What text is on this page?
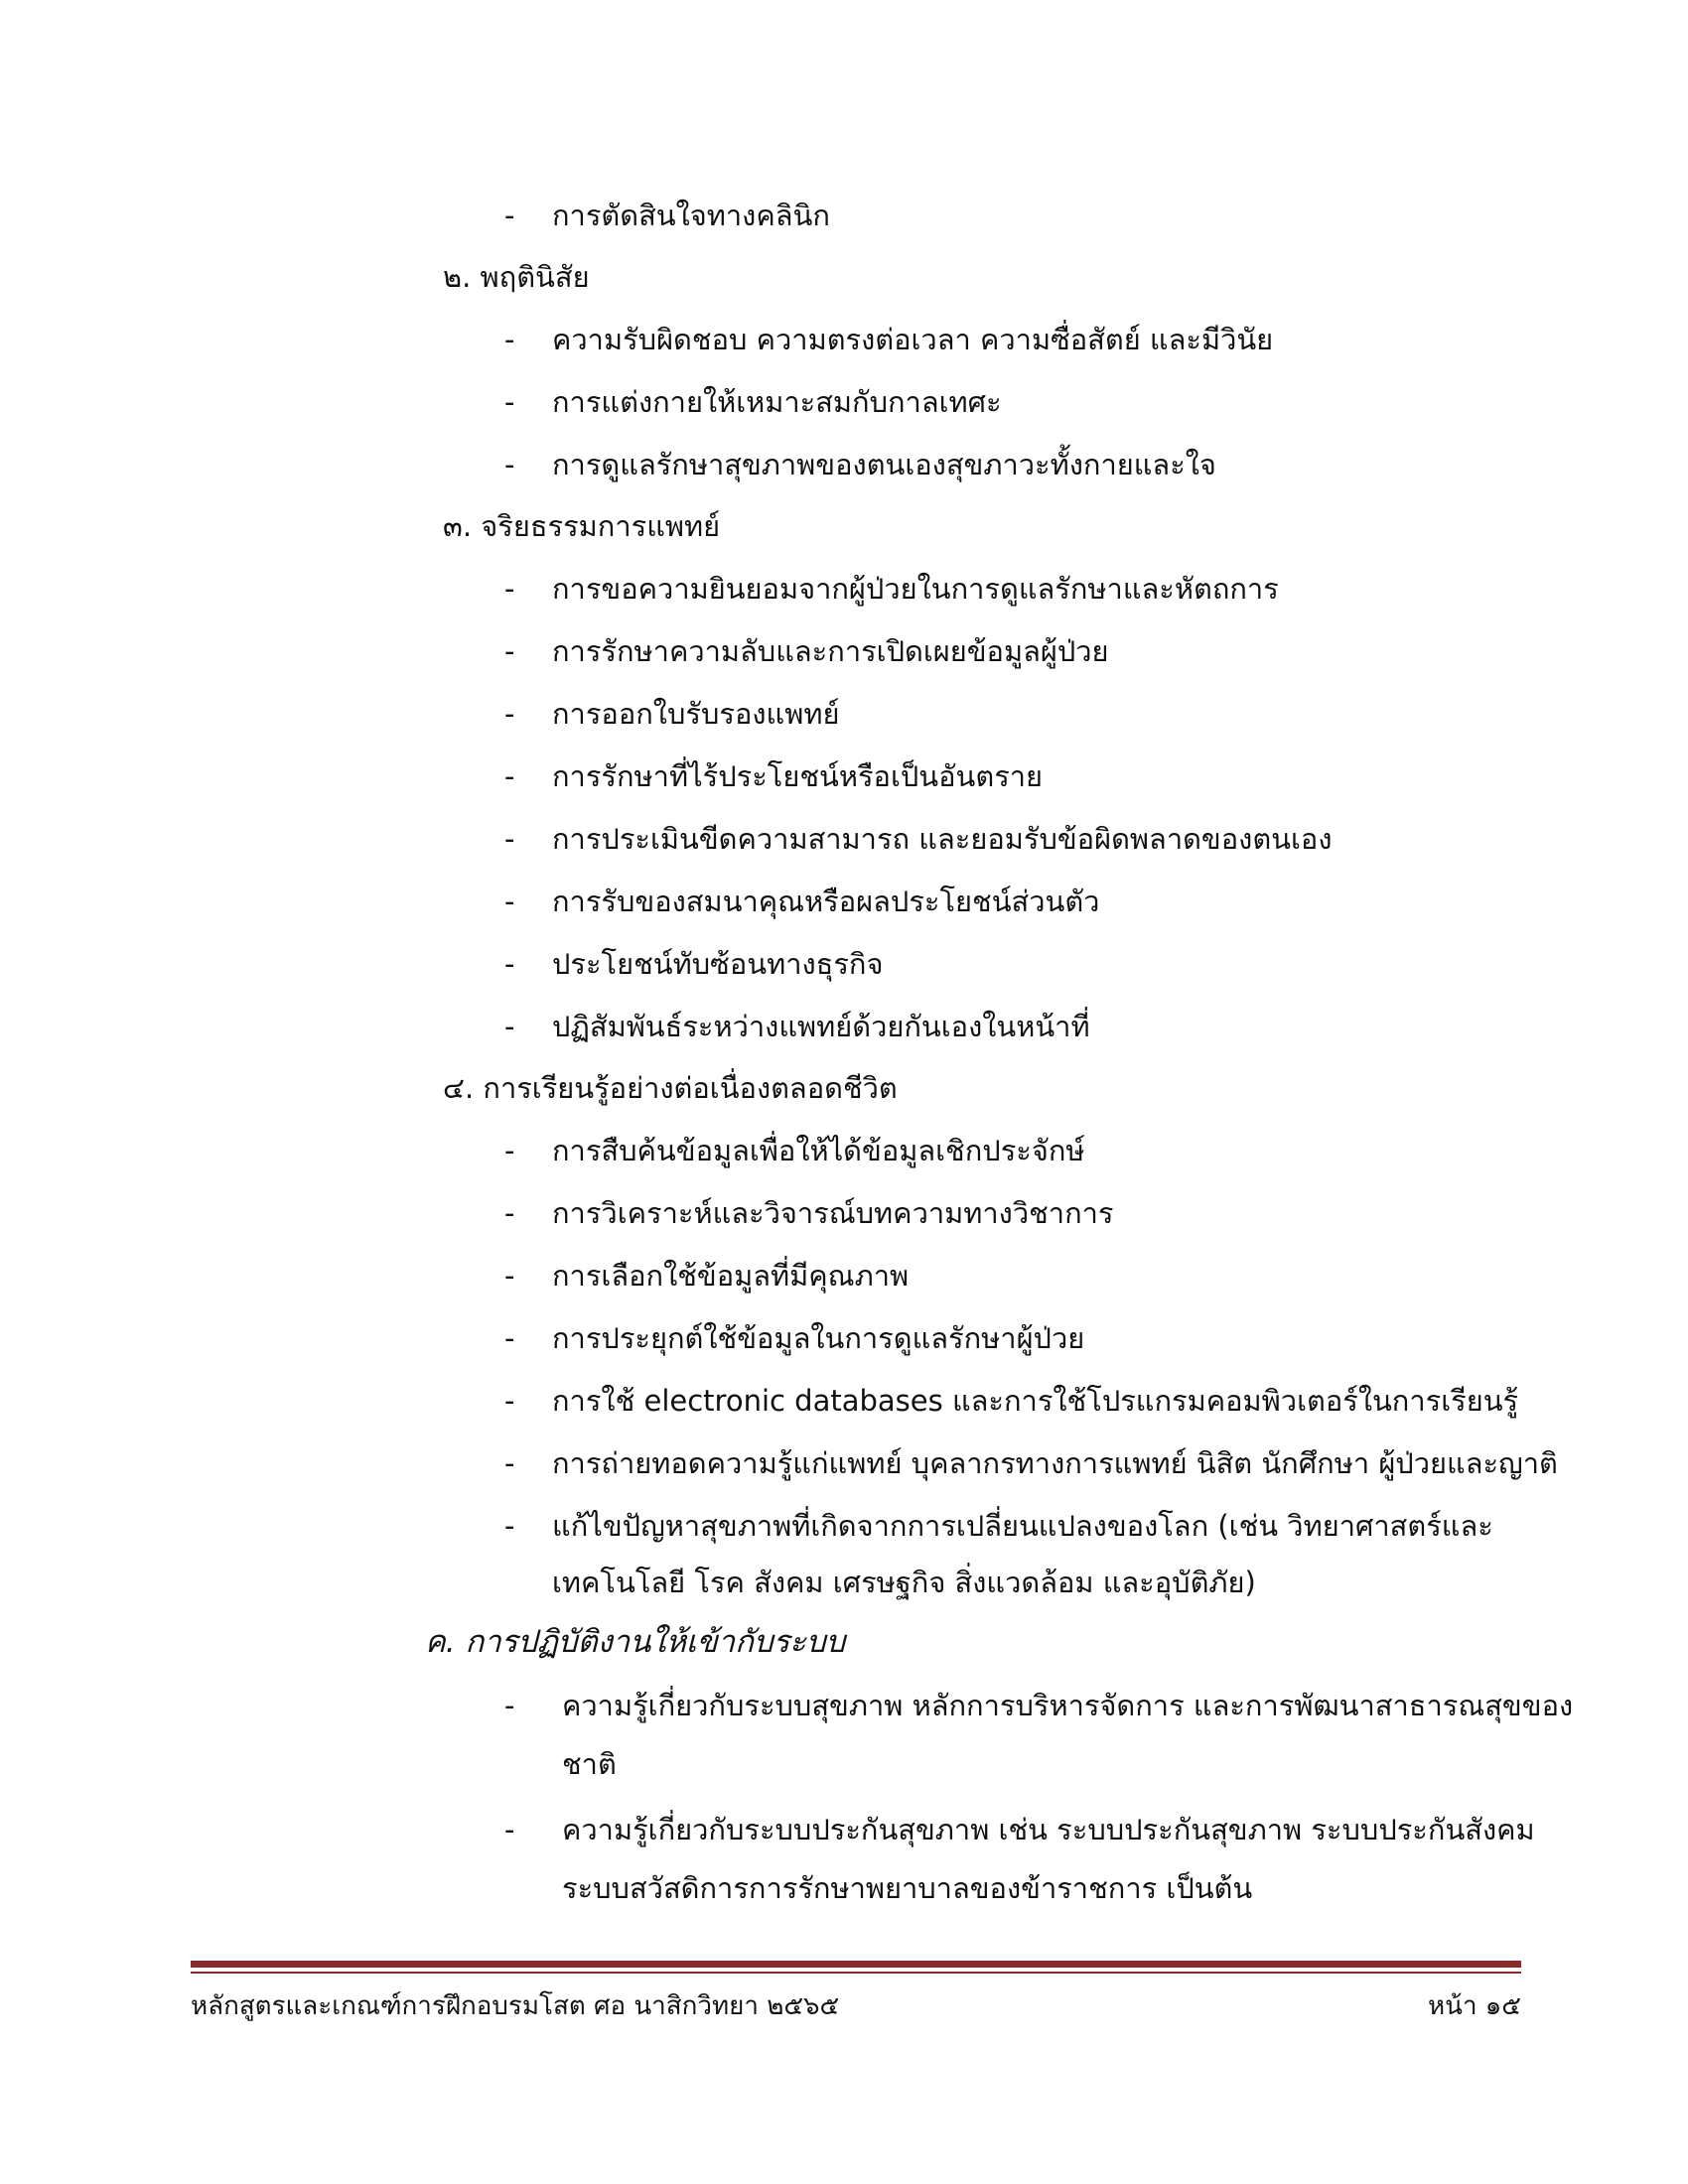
- การตัดสินใจทางคลินิก
๒. พฤตินิสัย
- ความรับผิดชอบ ความตรงต่อเวลา ความซื่อสัตย์ และมีวินัย
- การแต่งกายให้เหมาะสมกับกาลเทศะ
- การดูแลรักษาสุขภาพของตนเองสุขภาวะทั้งกายและใจ
๓. จริยธรรมการแพทย์
- การขอความยินยอมจากผู้ป่วยในการดูแลรักษาและหัตถการ
- การรักษาความลับและการเปิดเผยข้อมูลผู้ป่วย
- การออกใบรับรองแพทย์
- การรักษาที่ไร้ประโยชน์หรือเป็นอันตราย
- การประเมินขีดความสามารถ และยอมรับข้อผิดพลาดของตนเอง
- การรับของสมนาคุณหรือผลประโยชน์ส่วนตัว
- ประโยชน์ทับซ้อนทางธุรกิจ
- ปฏิสัมพันธ์ระหว่างแพทย์ด้วยกันเองในหน้าที่
๔. การเรียนรู้อย่างต่อเนื่องตลอดชีวิต
- การสืบค้นข้อมูลเพื่อให้ได้ข้อมูลเชิกประจักษ์
- การวิเคราะห์และวิจารณ์บทความทางวิชาการ
- การเลือกใช้ข้อมูลที่มีคุณภาพ
- การประยุกต์ใช้ข้อมูลในการดูแลรักษาผู้ป่วย
- การใช้ electronic databases และการใช้โปรแกรมคอมพิวเตอร์ในการเรียนรู้
- การถ่ายทอดความรู้แก่แพทย์ บุคลากรทางการแพทย์ นิสิต นักศึกษา ผู้ป่วยและญาติ
- แก้ไขปัญหาสุขภาพที่เกิดจากการเปลี่ยนแปลงของโลก (เช่น วิทยาศาสตร์และ
เทคโนโลยี โรค สังคม เศรษฐกิจ สิ่งแวดล้อม และอุบัติภัย)
ค. การปฏิบัติงานให้เข้ากับระบบ
- ความรู้เกี่ยวกับระบบสุขภาพ หลักการบริหารจัดการ และการพัฒนาสาธารณสุขของ
ชาติ
- ความรู้เกี่ยวกับระบบประกันสุขภาพ เช่น ระบบประกันสุขภาพ ระบบประกันสังคม
ระบบสวัสดิการการรักษาพยาบาลของข้าราชการ เป็นต้น
หลักสูตรและเกณฑ์การฝึกอบรมโสต ศอ นาสิกวิทยา ๒๕๖๕	หน้า ๑๕
